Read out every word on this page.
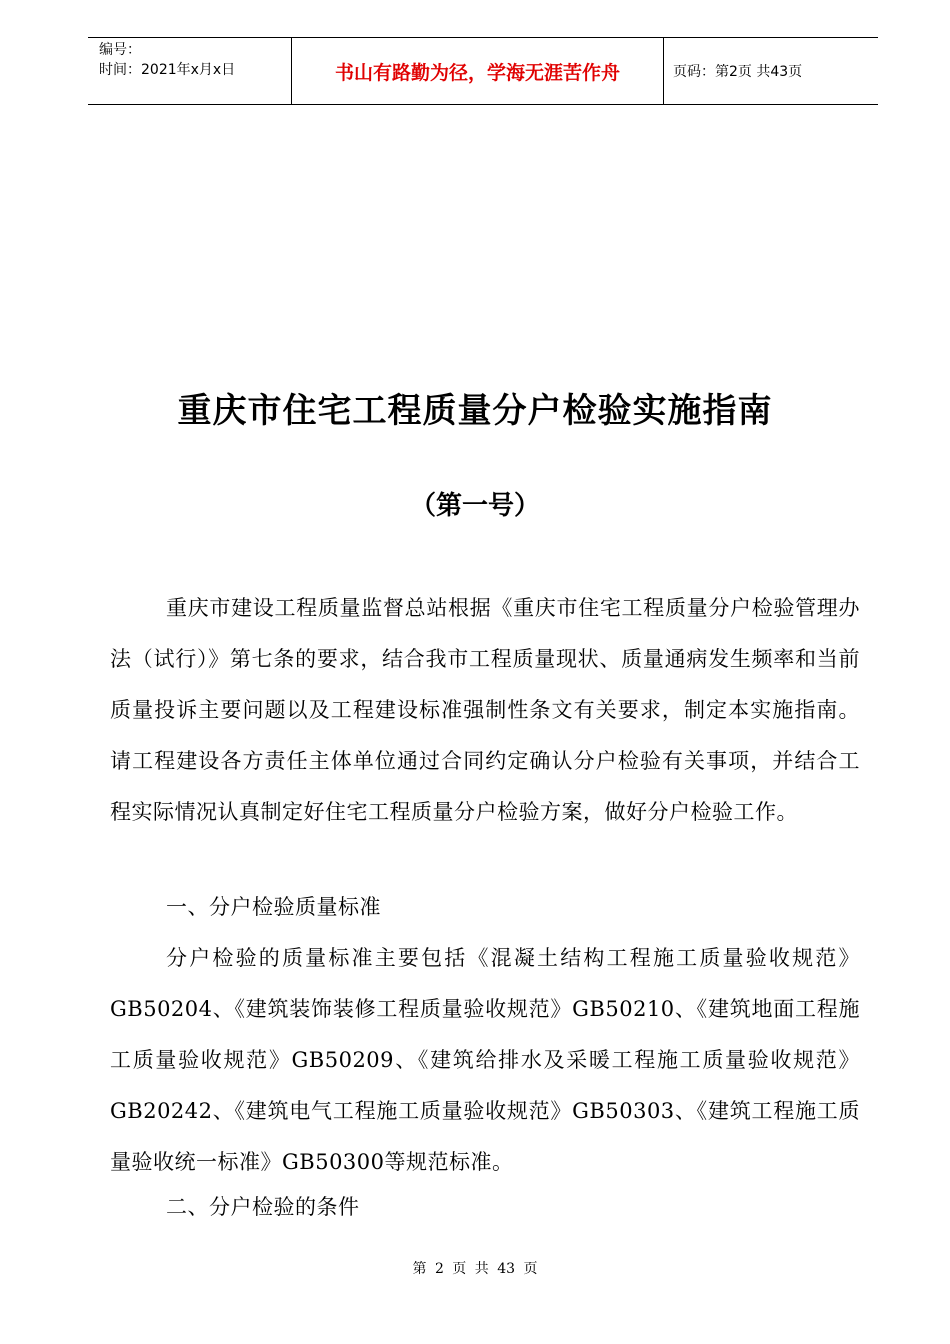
编号：
时间：2021年x月x日	书山有路勤为径，学海无涯苦作舟	页码：第2页 共43页
重庆市住宅工程质量分户检验实施指南
（第一号）
重庆市建设工程质量监督总站根据《重庆市住宅工程质量分户检验管理办法（试行）》第七条的要求，结合我市工程质量现状、质量通病发生频率和当前质量投诉主要问题以及工程建设标准强制性条文有关要求，制定本实施指南。请工程建设各方责任主体单位通过合同约定确认分户检验有关事项，并结合工程实际情况认真制定好住宅工程质量分户检验方案，做好分户检验工作。
一、分户检验质量标准
分户检验的质量标准主要包括《混凝土结构工程施工质量验收规范》GB50204、《建筑装饰装修工程质量验收规范》GB50210、《建筑地面工程施工质量验收规范》GB50209、《建筑给排水及采暖工程施工质量验收规范》GB20242、《建筑电气工程施工质量验收规范》GB50303、《建筑工程施工质量验收统一标准》GB50300等规范标准。
二、分户检验的条件
第 2 页 共 43 页
